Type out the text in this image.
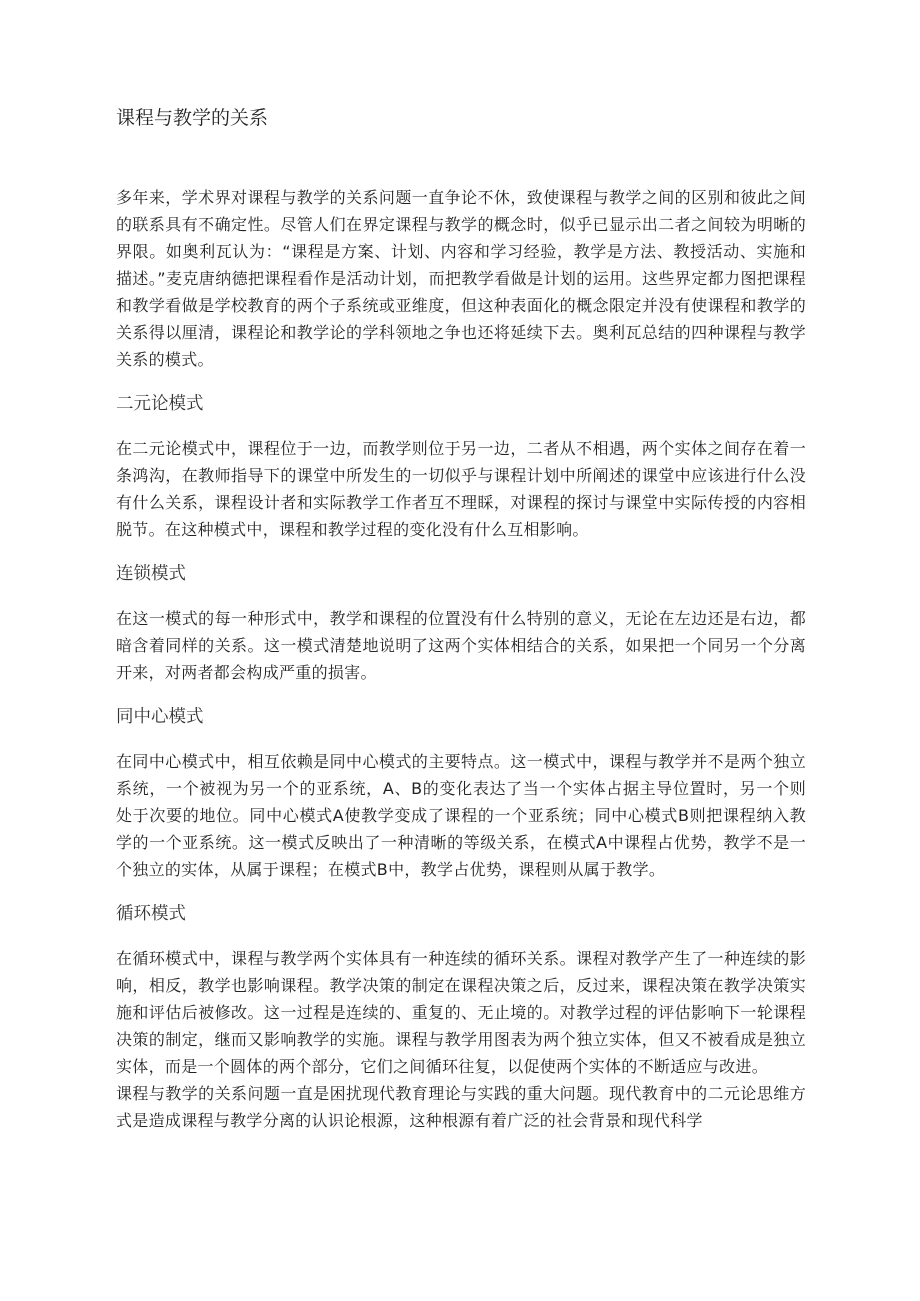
课程与教学的关系

多年来，学术界对课程与教学的关系问题一直争论不休，致使课程与教学之间的区别和彼此之间的联系具有不确定性。尽管人们在界定课程与教学的概念时，似乎已显示出二者之间较为明晰的界限。如奥利瓦认为：“课程是方案、计划、内容和学习经验，教学是方法、教授活动、实施和描述。”麦克唐纳德把课程看作是活动计划，而把教学看做是计划的运用。这些界定都力图把课程和教学看做是学校教育的两个子系统或亚维度，但这种表面化的概念限定并没有使课程和教学的关系得以厘清，课程论和教学论的学科领地之争也还将延续下去。奥利瓦总结的四种课程与教学关系的模式。

二元论模式

在二元论模式中，课程位于一边，而教学则位于另一边，二者从不相遇，两个实体之间存在着一条鸿沟，在教师指导下的课堂中所发生的一切似乎与课程计划中所阐述的课堂中应该进行什么没有什么关系，课程设计者和实际教学工作者互不理睬，对课程的探讨与课堂中实际传授的内容相脱节。在这种模式中，课程和教学过程的变化没有什么互相影响。

连锁模式

在这一模式的每一种形式中，教学和课程的位置没有什么特别的意义，无论在左边还是右边，都暗含着同样的关系。这一模式清楚地说明了这两个实体相结合的关系，如果把一个同另一个分离开来，对两者都会构成严重的损害。

同中心模式

在同中心模式中，相互依赖是同中心模式的主要特点。这一模式中，课程与教学并不是两个独立系统，一个被视为另一个的亚系统，A、B的变化表达了当一个实体占据主导位置时，另一个则处于次要的地位。同中心模式A使教学变成了课程的一个亚系统；同中心模式B则把课程纳入教学的一个亚系统。这一模式反映出了一种清晰的等级关系，在模式A中课程占优势，教学不是一个独立的实体，从属于课程；在模式B中，教学占优势，课程则从属于教学。

循环模式

在循环模式中，课程与教学两个实体具有一种连续的循环关系。课程对教学产生了一种连续的影响，相反，教学也影响课程。教学决策的制定在课程决策之后，反过来，课程决策在教学决策实施和评估后被修改。这一过程是连续的、重复的、无止境的。对教学过程的评估影响下一轮课程决策的制定，继而又影响教学的实施。课程与教学用图表为两个独立实体，但又不被看成是独立实体，而是一个圆体的两个部分，它们之间循环往复，以促使两个实体的不断适应与改进。

课程与教学的关系问题一直是困扰现代教育理论与实践的重大问题。现代教育中的二元论思维方式是造成课程与教学分离的认识论根源，这种根源有着广泛的社会背景和现代科学
